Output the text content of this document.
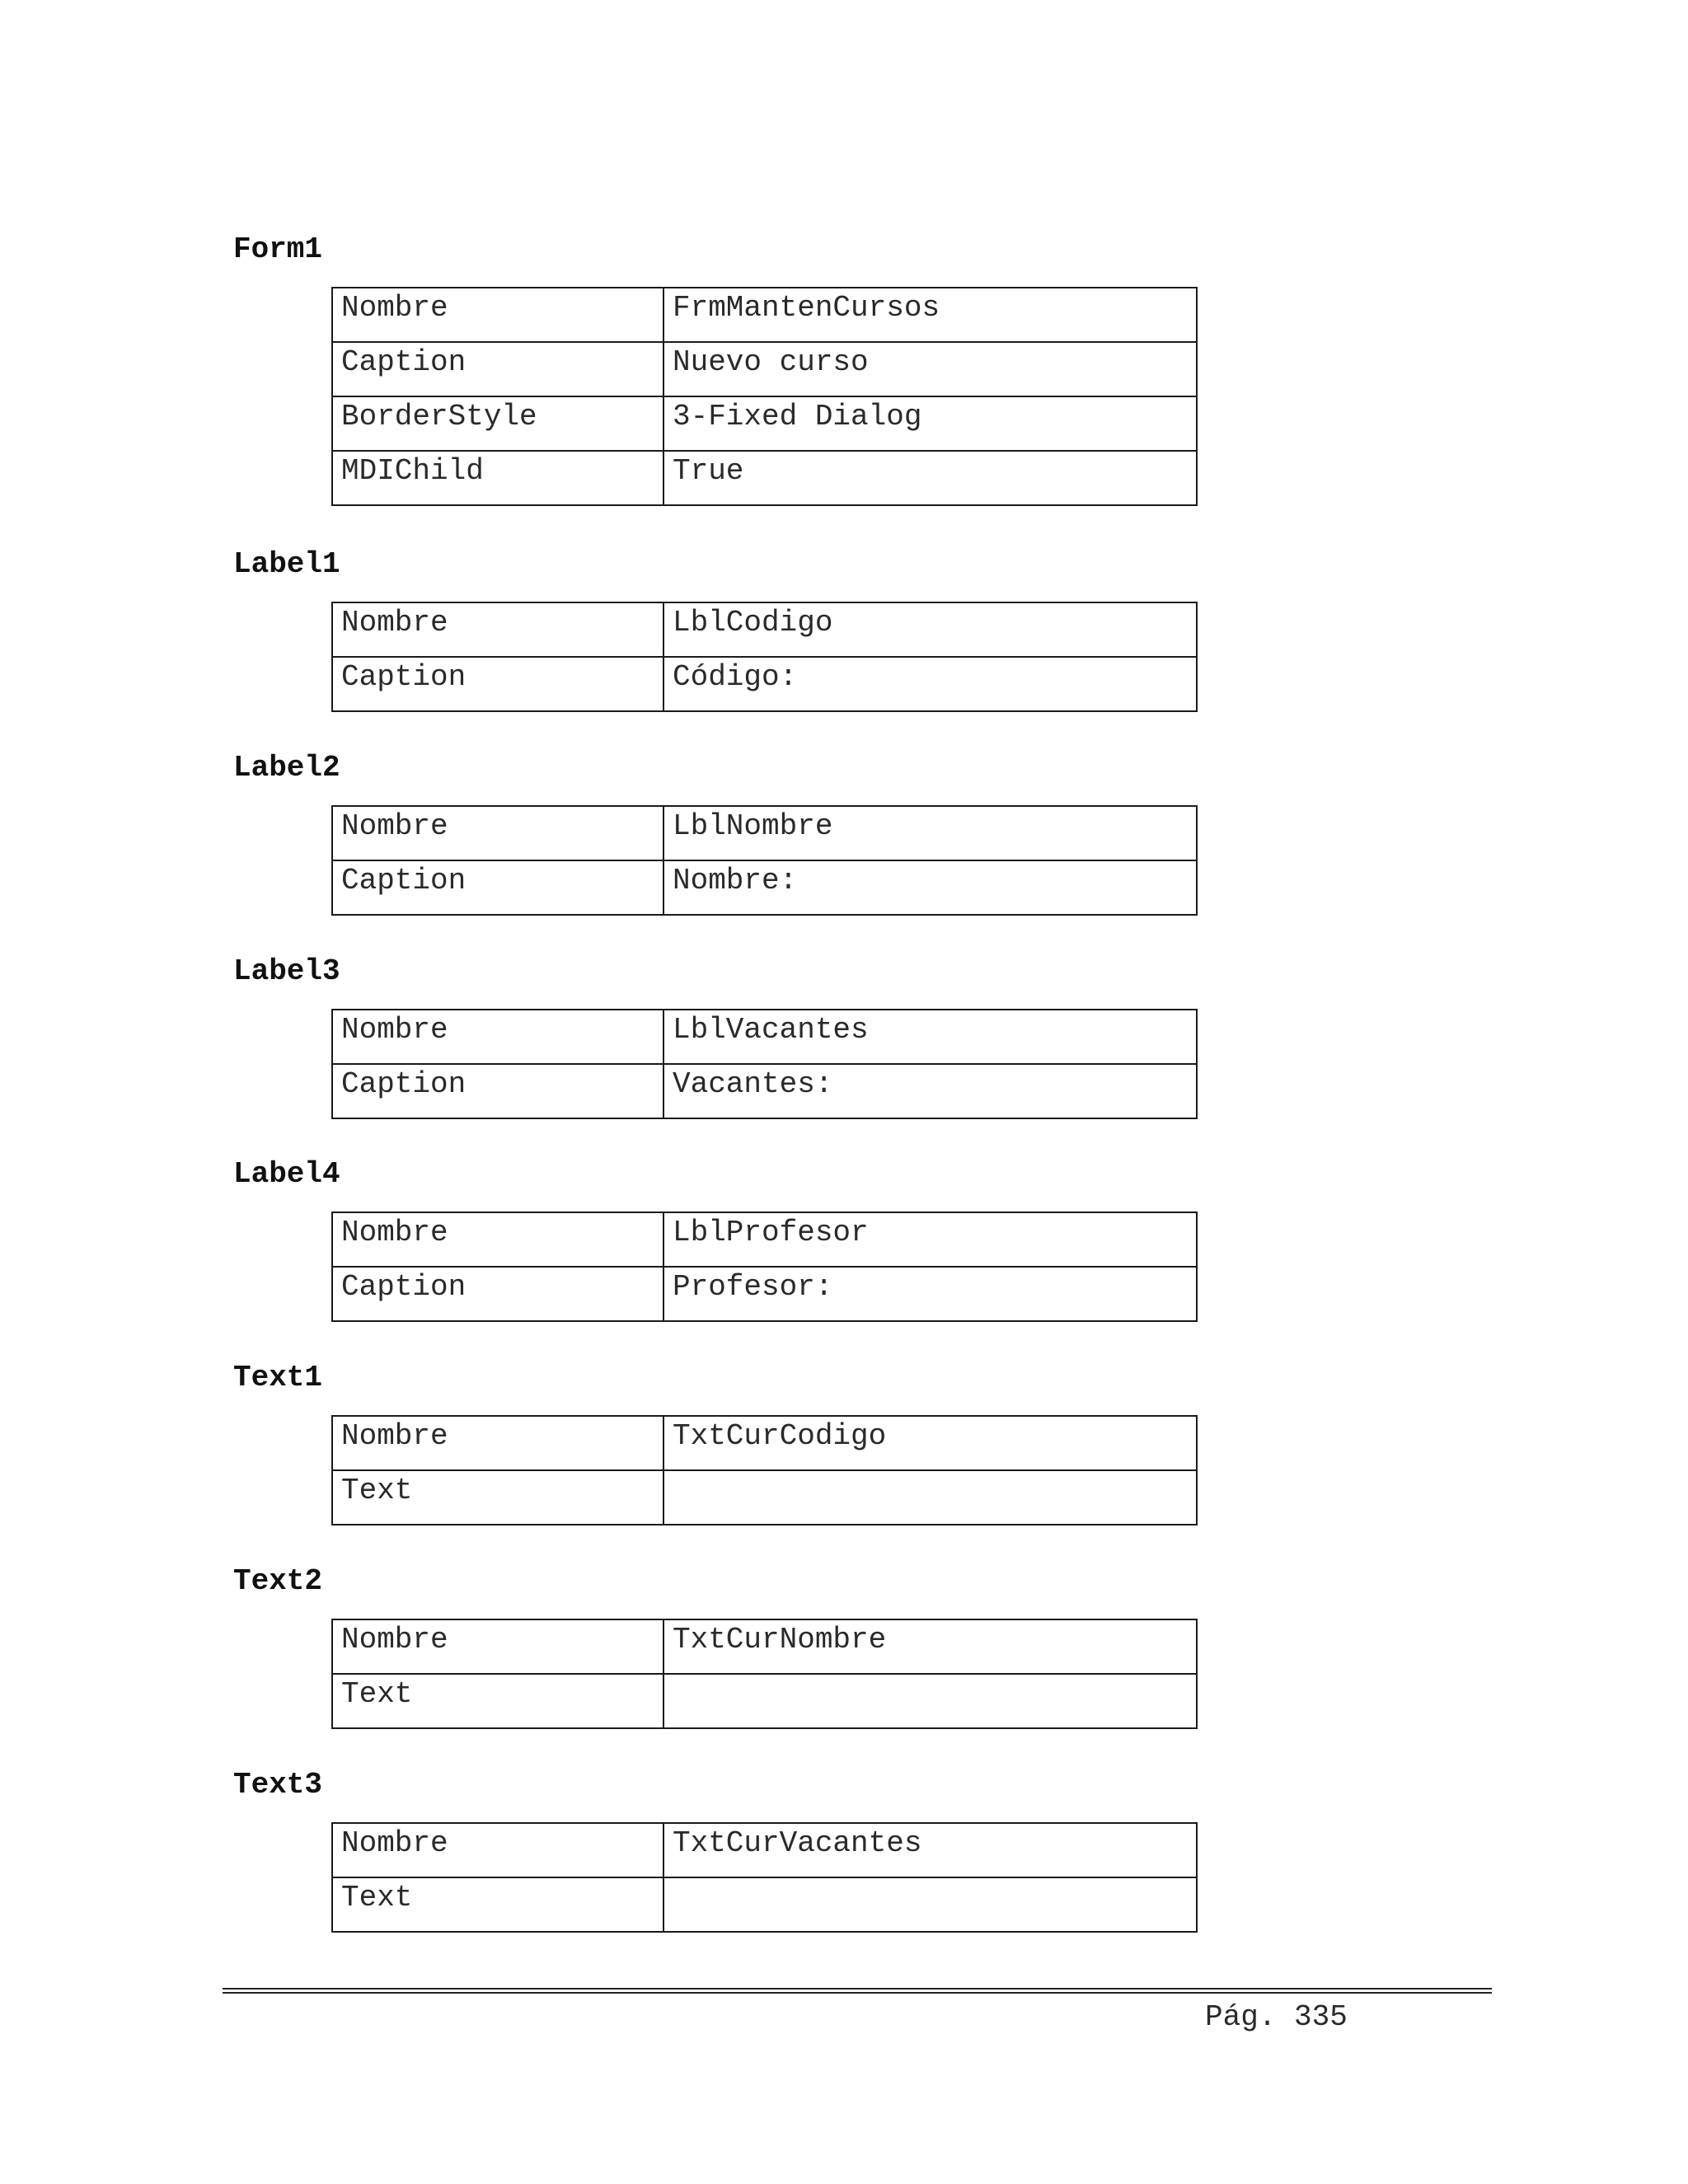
Form1
Nombre	FrmMantenCursos
Caption	Nuevo curso
BorderStyle	3-Fixed Dialog
MDIChild	True
Label1
Nombre	LblCodigo
Caption	Código:
Label2
Nombre	LblNombre
Caption	Nombre:
Label3
Nombre	LblVacantes
Caption	Vacantes:
Label4
Nombre	LblProfesor
Caption	Profesor:
Text1
Nombre	TxtCurCodigo
Text	
Text2
Nombre	TxtCurNombre
Text	
Text3
Nombre	TxtCurVacantes
Text	
Pág. 335
